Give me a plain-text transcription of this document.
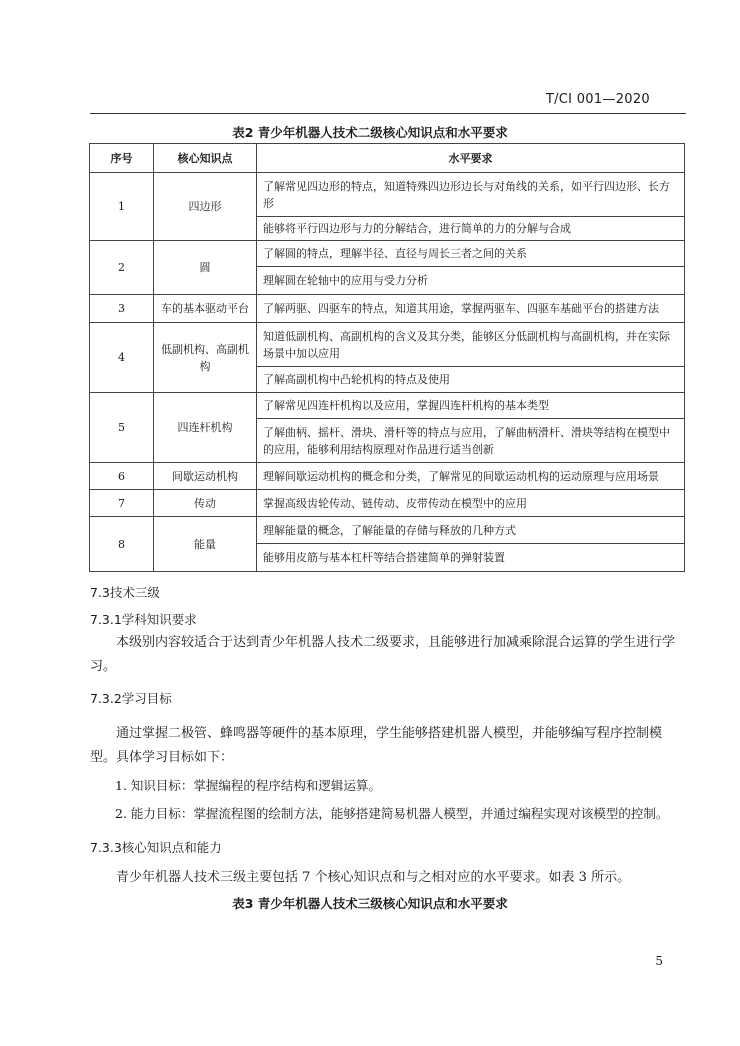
T/CI 001—2020
表2 青少年机器人技术二级核心知识点和水平要求
序号	核心知识点	水平要求
1	四边形	了解常见四边形的特点，知道特殊四边形边长与对角线的关系，如平行四边形、长方形
		能够将平行四边形与力的分解结合，进行简单的力的分解与合成
2	圆	了解圆的特点，理解半径、直径与周长三者之间的关系
		理解圆在轮轴中的应用与受力分析
3	车的基本驱动平台	了解两驱、四驱车的特点，知道其用途，掌握两驱车、四驱车基础平台的搭建方法
4	低副机构、高副机构	知道低副机构、高副机构的含义及其分类，能够区分低副机构与高副机构，并在实际场景中加以应用
		了解高副机构中凸轮机构的特点及使用
5	四连杆机构	了解常见四连杆机构以及应用，掌握四连杆机构的基本类型
		了解曲柄、摇杆、滑块、滑杆等的特点与应用，了解曲柄滑杆、滑块等结构在模型中的应用，能够利用结构原理对作品进行适当创新
6	间歇运动机构	理解间歇运动机构的概念和分类，了解常见的间歇运动机构的运动原理与应用场景
7	传动	掌握高级齿轮传动、链传动、皮带传动在模型中的应用
8	能量	理解能量的概念，了解能量的存储与释放的几种方式
		能够用皮筋与基本杠杆等结合搭建简单的弹射装置
7.3技术三级
7.3.1学科知识要求
本级别内容较适合于达到青少年机器人技术二级要求，且能够进行加减乘除混合运算的学生进行学习。
7.3.2学习目标
通过掌握二极管、蜂鸣器等硬件的基本原理，学生能够搭建机器人模型，并能够编写程序控制模型。具体学习目标如下：
1. 知识目标：掌握编程的程序结构和逻辑运算。
2. 能力目标：掌握流程图的绘制方法，能够搭建简易机器人模型，并通过编程实现对该模型的控制。
7.3.3核心知识点和能力
青少年机器人技术三级主要包括 7 个核心知识点和与之相对应的水平要求。如表 3 所示。
表3 青少年机器人技术三级核心知识点和水平要求
5
